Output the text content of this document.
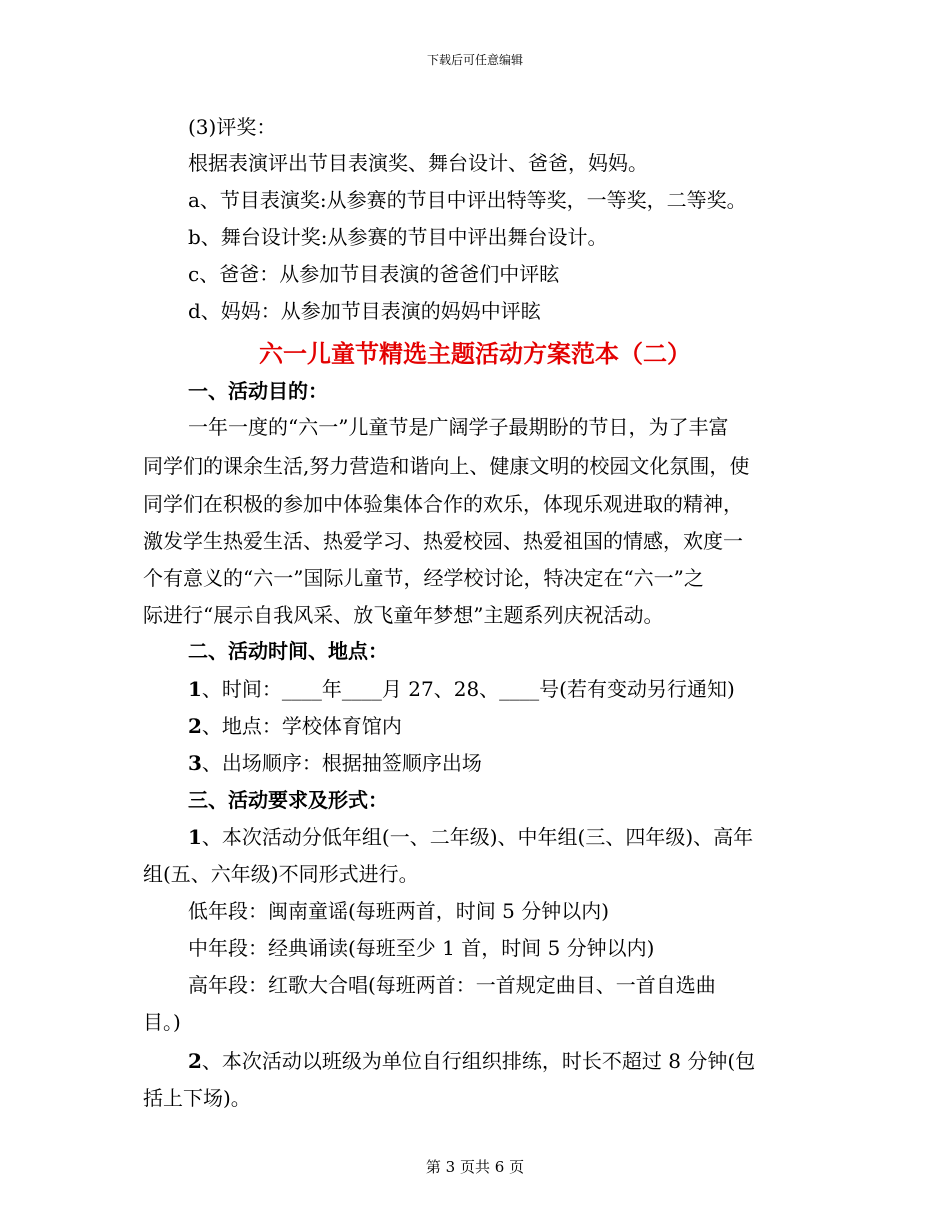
下载后可任意编辑
(3)评奖：
根据表演评出节目表演奖、舞台设计、爸爸，妈妈。
a、节目表演奖:从参赛的节目中评出特等奖，一等奖，二等奖。
b、舞台设计奖:从参赛的节目中评出舞台设计。
c、爸爸：从参加节目表演的爸爸们中评眩
d、妈妈：从参加节目表演的妈妈中评眩
六一儿童节精选主题活动方案范本（二）
一、活动目的：
一年一度的“六一”儿童节是广阔学子最期盼的节日，为了丰富
同学们的课余生活,努力营造和谐向上、健康文明的校园文化氛围，使
同学们在积极的参加中体验集体合作的欢乐，体现乐观进取的精神，
激发学生热爱生活、热爱学习、热爱校园、热爱祖国的情感，欢度一
个有意义的“六一”国际儿童节，经学校讨论，特决定在“六一”之
际进行“展示自我风采、放飞童年梦想”主题系列庆祝活动。
二、活动时间、地点：
1、时间：____年____月 27、28、____号(若有变动另行通知)
2、地点：学校体育馆内
3、出场顺序：根据抽签顺序出场
三、活动要求及形式：
1、本次活动分低年组(一、二年级)、中年组(三、四年级)、高年
组(五、六年级)不同形式进行。
低年段：闽南童谣(每班两首，时间 5 分钟以内)
中年段：经典诵读(每班至少 1 首，时间 5 分钟以内)
高年段：红歌大合唱(每班两首：一首规定曲目、一首自选曲
目。)
2、本次活动以班级为单位自行组织排练，时长不超过 8 分钟(包
括上下场)。
第 3 页共 6 页
